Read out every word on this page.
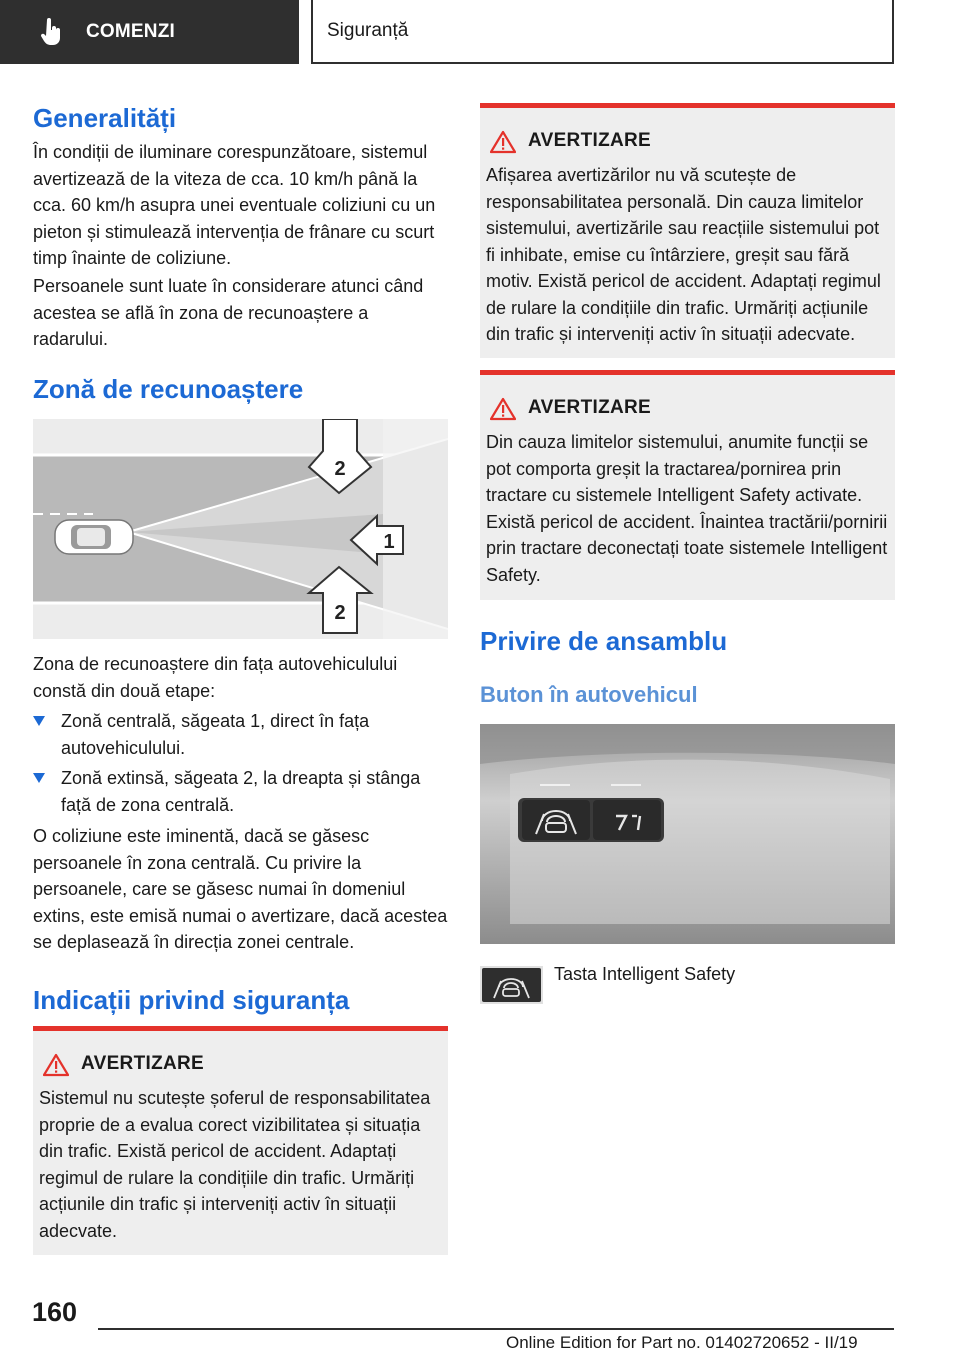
COMENZI	Siguranță
Generalități

În condiții de iluminare corespunzătoare, sistemul avertizează de la viteza de cca. 10 km/h până la cca. 60 km/h asupra unei eventuale coliziuni cu un pieton și stimulează intervenția de frânare cu scurt timp înainte de coliziune.

Persoanele sunt luate în considerare atunci când acestea se află în zona de recunoaștere a radarului.

Zonă de recunoaștere
2
1
2

Zona de recunoaștere din fața autovehiculului constă din două etape:

Zonă centrală, săgeata 1, direct în fața autovehiculului.
Zonă extinsă, săgeata 2, la dreapta și stânga față de zona centrală.

O coliziune este iminentă, dacă se găsesc persoanele în zona centrală. Cu privire la persoanele, care se găsesc numai în domeniul extins, este emisă numai o avertizare, dacă acestea se deplasează în direcția zonei centrale.

Indicații privind siguranța
AVERTIZARE
Sistemul nu scutește șoferul de responsabilitatea proprie de a evalua corect vizibilitatea și situația din trafic. Există pericol de accident. Adaptați regimul de rulare la condițiile din trafic. Urmăriți acțiunile din trafic și interveniți activ în situații adecvate.
AVERTIZARE
Afișarea avertizărilor nu vă scutește de responsabilitatea personală. Din cauza limitelor sistemului, avertizările sau reacțiile sistemului pot fi inhibate, emise cu întârziere, greșit sau fără motiv. Există pericol de accident. Adaptați regimul de rulare la condițiile din trafic. Urmăriți acțiunile din trafic și interveniți activ în situații adecvate.
AVERTIZARE
Din cauza limitelor sistemului, anumite funcții se pot comporta greșit la tractarea/pornirea prin tractare cu sistemele Intelligent Safety activate. Există pericol de accident. Înaintea tractării/pornirii prin tractare deconectați toate sistemele Intelligent Safety.
Privire de ansamblu
Buton în autovehicul

Tasta Intelligent Safety

160
Online Edition for Part no. 01402720652 - II/19
